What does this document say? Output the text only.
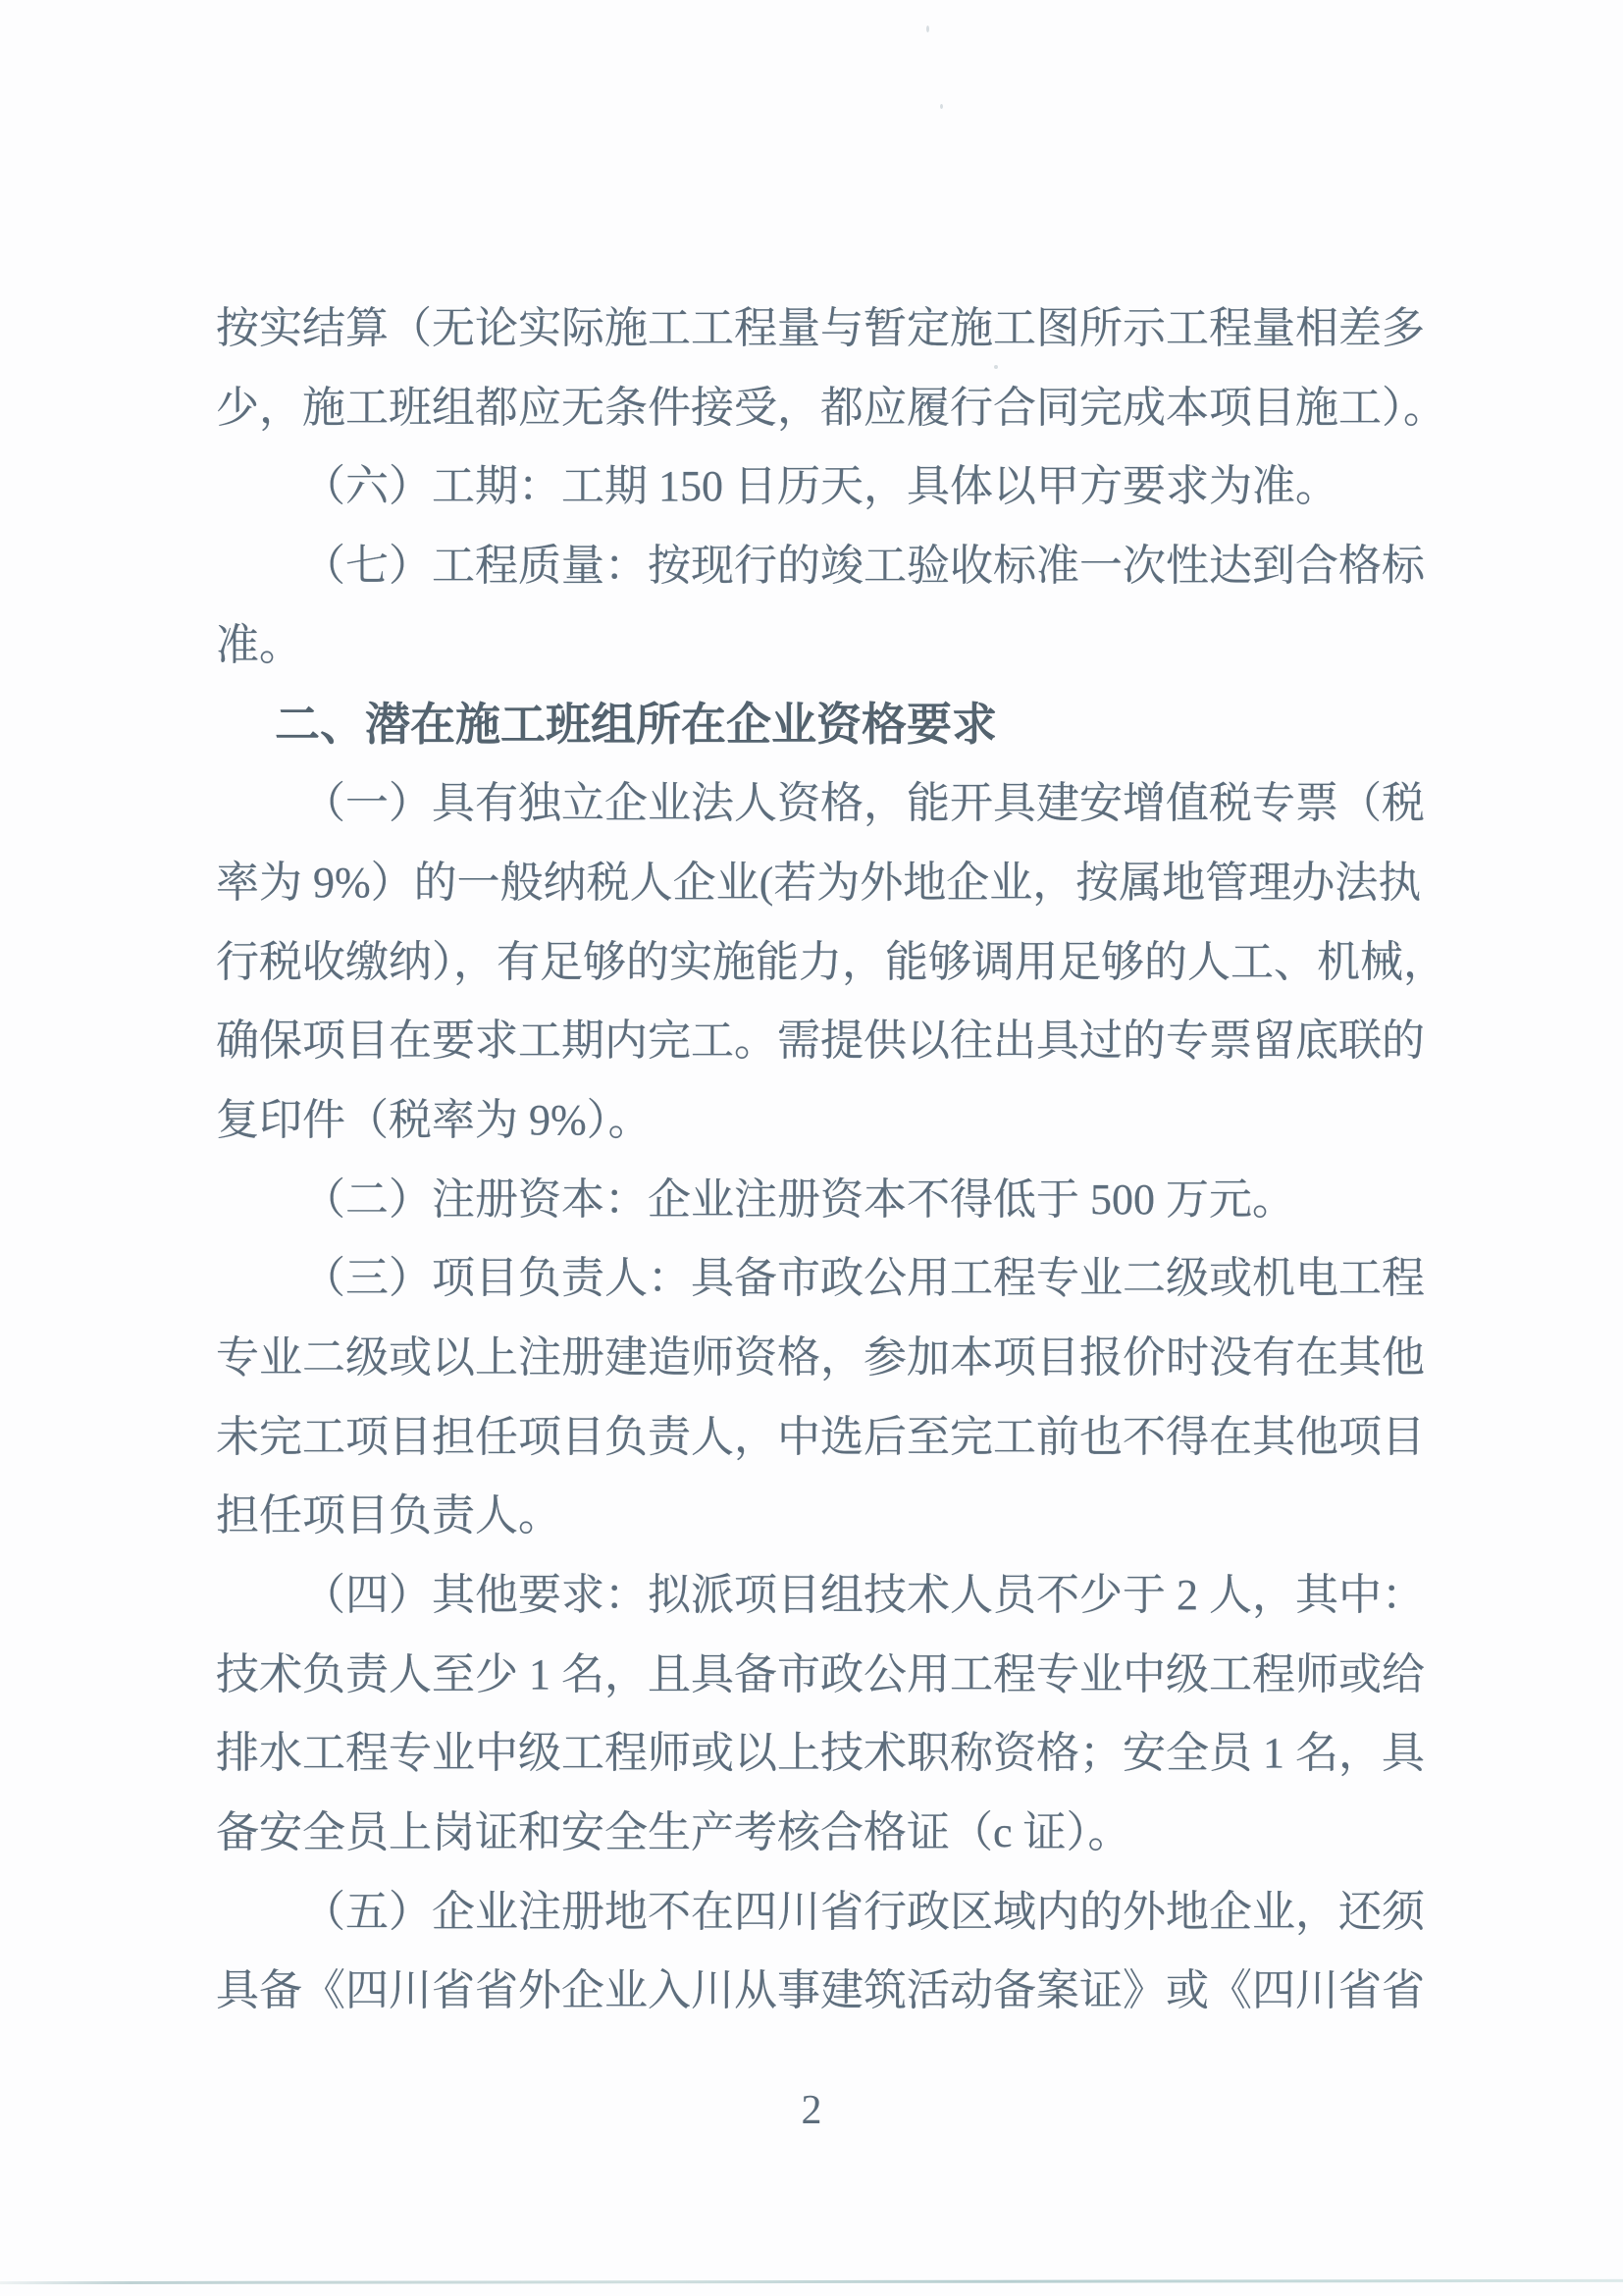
按实结算（无论实际施工工程量与暂定施工图所示工程量相差多
少，施工班组都应无条件接受，都应履行合同完成本项目施工）。
（六）工期：工期 150 日历天，具体以甲方要求为准。
（七）工程质量：按现行的竣工验收标准一次性达到合格标
准。
二、潜在施工班组所在企业资格要求
（一）具有独立企业法人资格，能开具建安增值税专票（税
率为 9%）的一般纳税人企业(若为外地企业，按属地管理办法执
行税收缴纳），有足够的实施能力，能够调用足够的人工、机械，
确保项目在要求工期内完工。需提供以往出具过的专票留底联的
复印件（税率为 9%）。
（二）注册资本：企业注册资本不得低于 500 万元。
（三）项目负责人：具备市政公用工程专业二级或机电工程
专业二级或以上注册建造师资格，参加本项目报价时没有在其他
未完工项目担任项目负责人，中选后至完工前也不得在其他项目
担任项目负责人。
（四）其他要求：拟派项目组技术人员不少于 2 人，其中：
技术负责人至少 1 名，且具备市政公用工程专业中级工程师或给
排水工程专业中级工程师或以上技术职称资格；安全员 1 名，具
备安全员上岗证和安全生产考核合格证（c 证）。
（五）企业注册地不在四川省行政区域内的外地企业，还须
具备《四川省省外企业入川从事建筑活动备案证》或《四川省省
2
